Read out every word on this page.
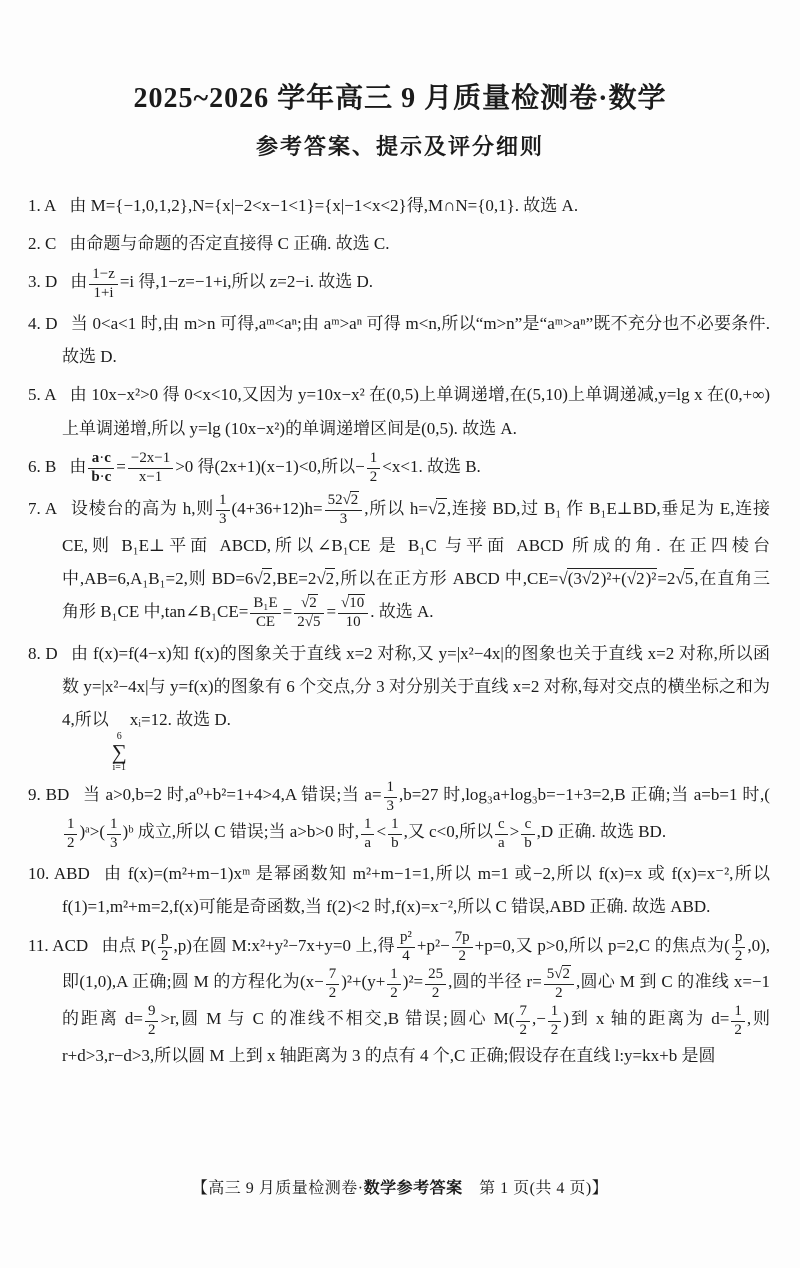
2025~2026 学年高三 9 月质量检测卷·数学
参考答案、提示及评分细则
1. A 由 M={−1,0,1,2},N={x|−2<x−1<1}={x|−1<x<2}得,M∩N={0,1}. 故选 A.
2. C 由命题与命题的否定直接得 C 正确. 故选 C.
3. D 由 $\frac{1-z}{1+i} =i$ 得,1−z=−1+i,所以 z=2−i. 故选 D.
4. D 当 0<a<1 时,由 m>n 可得,aᵐ<aⁿ;由 aᵐ>aⁿ 可得 m<n,所以“m>n”是“aᵐ>aⁿ”既不充分也不必要条件. 故选 D.
5. A 由 10x−x²>0 得 0<x<10,又因为 y=10x−x² 在(0,5)上单调递增,在(5,10)上单调递减,y=lg x 在(0,+∞)上单调递增,所以 y=lg (10x−x²)的单调递增区间是(0,5). 故选 A.
6. B 由 $\frac{a\cdot c}{b\cdot c} = \frac{-2x-1}{x-1} >0$ 得(2x+1)(x−1)<0,所以− $\frac{1}{2} <x<1$. 故选 B.
7. A 设棱台的高为 h,则 $\frac{1}{3} (4+36+12)h= \frac{52√2}{3}$ ,所以 h=√2,连接 BD,过 B₁ 作 B₁E⊥BD,垂足为 E,连接 CE,则 B₁E⊥平面 ABCD,所以∠B₁CE 是 B₁C 与平面 ABCD 所成的角. 在正四棱台中,AB=6,A₁B₁=2,则 BD=6√2,BE=2√2,所以在正方形 ABCD 中,CE=√(3√2)²+(√2)²=2√5,在直角三角形 B₁CE 中,tan∠B₁CE= $\frac{\text{B₁E}}{CE} = \frac{√2}{2√5} = \frac{√10}{10}$ . 故选 A.
8. D 由 f(x)=f(4−x)知 f(x)的图象关于直线 x=2 对称,又 y=|x²−4x|的图象也关于直线 x=2 对称,所以函数 y=|x²−4x|与 y=f(x)的图象有 6 个交点,分 3 对分别关于直线 x=2 对称,每对交点的横坐标之和为 4,所以
6
∑
i=1
xᵢ=12. 故选 D.
9. BD 当 a>0,b=2 时,a⁰+b²=1+4>4,A 错误;当 $a= \frac{1}{3} ,b=27$ 时,log₃a+log₃b=−1+3=2,B 正确;当 a=b=1 时,(
$\frac{1}{2}$ )ᵃ>( $\frac{1}{3}$ )ᵇ 成立,所以 C 错误;当 a>b>0 时, $\frac{1}{a} < \frac{1}{b}$ ,又 c<0,所以 $\frac{c}{a} > \frac{c}{b} ,D$ 正确. 故选 BD.
10. ABD 由 f(x)=(m²+m−1)xᵐ 是幂函数知 m²+m−1=1,所以 m=1 或−2,所以 f(x)=x 或 f(x)=x⁻²,所以 f(1)=1,m²+m=2,f(x)可能是奇函数,当 f(2)<2 时,f(x)=x⁻²,所以 C 错误,ABD 正确. 故选 ABD.
11. ACD 由点 $P( \frac{p}{2} ,p)$在圆 M:x²+y²−7x+y=0 上,得 $\frac{\text{p²}}{4} +p^2- \frac{7p}{2} +p=0$,又 p>0,所以 p=2,C 的焦点为( $\frac{p}{2} ,0$),即(1,0),A 正确;圆 M 的方程化为$(x- \frac{7}{2} )^2+(y+ \frac{1}{2} )^2= \frac{25}{2}$ ,圆的半径 $r= \frac{5√2}{2}$ ,圆心 M 到 C 的准线 x=−1 的距离 $d= \frac{9}{2} >r$,圆 M 与 C 的准线不相交,B 错误;圆心 $M( \frac{7}{2}$ ,− $\frac{1}{2}$ )到 x 轴的距离为 $d= \frac{1}{2}$ ,则 r+d>3,r−d>3,所以圆 M 上到 x 轴距离为 3 的点有 4 个,C 正确;假设存在直线 l:y=kx+b 是圆
【高三 9 月质量检测卷·数学参考答案　第 1 页(共 4 页)】
